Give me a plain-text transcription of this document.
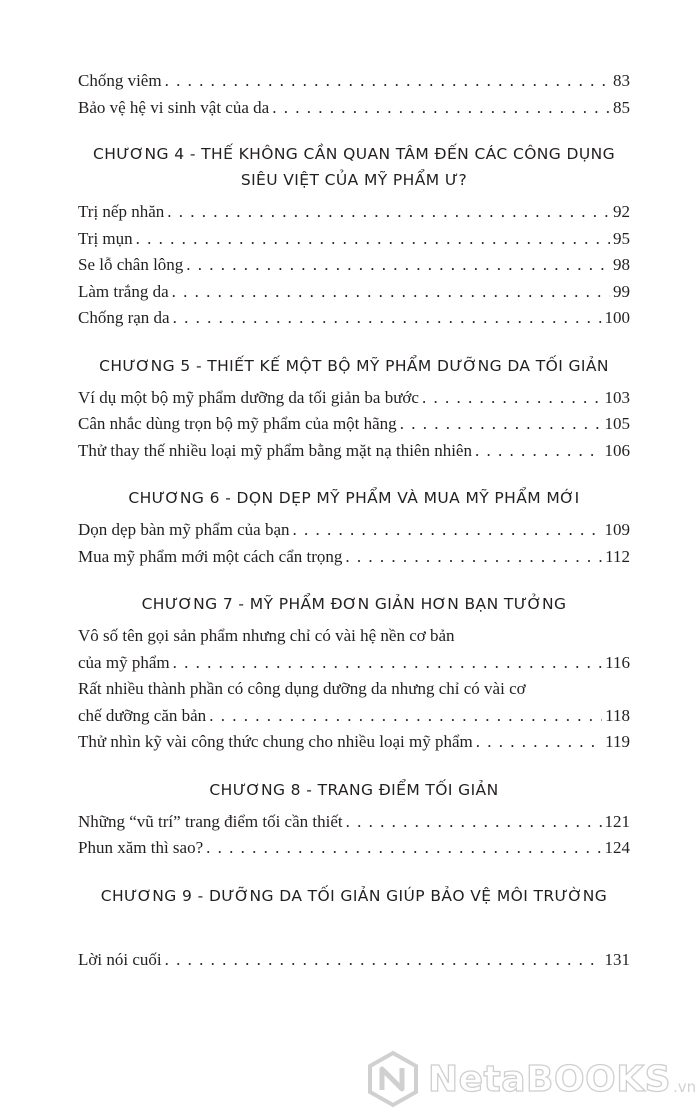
Chống viêm . . .	83
Bảo vệ hệ vi sinh vật của da . . .	85
CHƯƠNG 4 - THẾ KHÔNG CẦN QUAN TÂM ĐẾN CÁC CÔNG DỤNG SIÊU VIỆT CỦA MỸ PHẨM Ư?
Trị nếp nhăn . . .	92
Trị mụn . . .	95
Se lỗ chân lông . . .	98
Làm trắng da . . .	99
Chống rạn da . . .	100
CHƯƠNG 5 - THIẾT KẾ MỘT BỘ MỸ PHẨM DƯỠNG DA TỐI GIẢN
Ví dụ một bộ mỹ phẩm dưỡng da tối giản ba bước . . .	103
Cân nhắc dùng trọn bộ mỹ phẩm của một hãng . . .	105
Thử thay thế nhiều loại mỹ phẩm bằng mặt nạ thiên nhiên . . .	106
CHƯƠNG 6 - DỌN DẸP MỸ PHẨM VÀ MUA MỸ PHẨM MỚI
Dọn dẹp bàn mỹ phẩm của bạn . . .	109
Mua mỹ phẩm mới một cách cẩn trọng . . .	112
CHƯƠNG 7 - MỸ PHẨM ĐƠN GIẢN HƠN BẠN TƯỞNG
Vô số tên gọi sản phẩm nhưng chỉ có vài hệ nền cơ bản
của mỹ phẩm . . .	116
Rất nhiều thành phần có công dụng dưỡng da nhưng chỉ có vài cơ
chế dưỡng căn bản . . .	118
Thử nhìn kỹ vài công thức chung cho nhiều loại mỹ phẩm . . .	119
CHƯƠNG 8 - TRANG ĐIỂM TỐI GIẢN
Những “vũ trí” trang điểm tối cần thiết . . .	121
Phun xăm thì sao? . . .	124
CHƯƠNG 9 - DƯỠNG DA TỐI GIẢN GIÚP BẢO VỆ MÔI TRƯỜNG
Lời nói cuối . . .	131
NetaBOOKS .vn
